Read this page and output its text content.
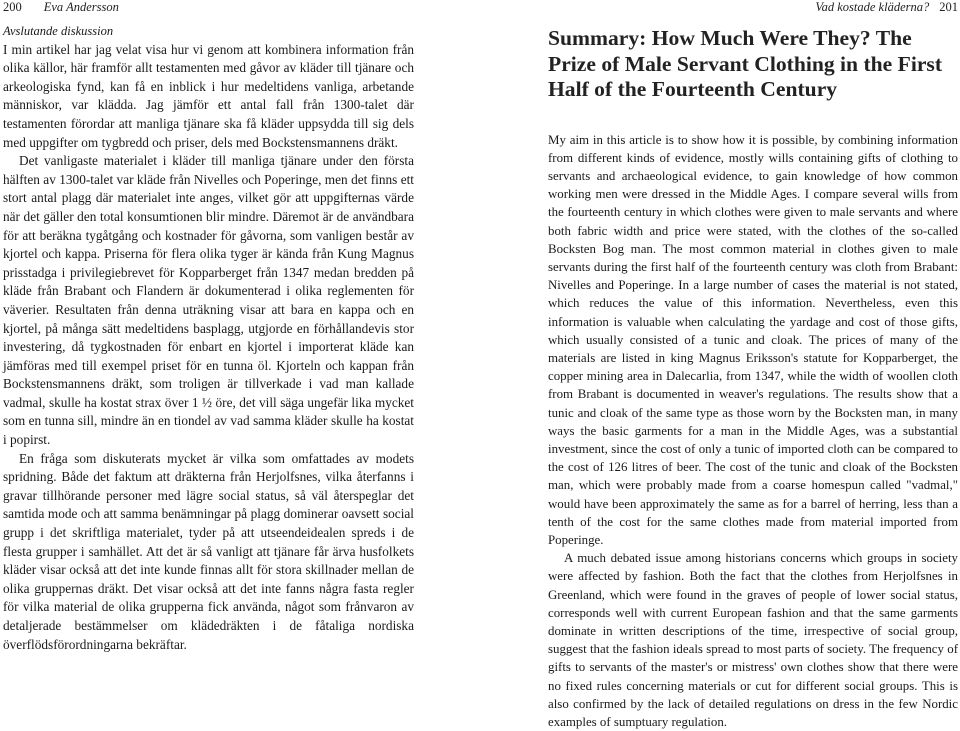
200 Eva Andersson
Avslutande diskussion

I min artikel har jag velat visa hur vi genom att kombinera information från olika källor, här framför allt testamenten med gåvor av kläder till tjänare och arkeologiska fynd, kan få en inblick i hur medeltidens vanliga, arbetande människor, var klädda. Jag jämför ett antal fall från 1300-talet där testamenten förordar att manliga tjänare ska få kläder uppsydda till sig dels med uppgifter om tygbredd och priser, dels med Bockstensmannens dräkt.

Det vanligaste materialet i kläder till manliga tjänare under den första hälften av 1300-talet var kläde från Nivelles och Poperinge, men det finns ett stort antal plagg där materialet inte anges, vilket gör att uppgifternas värde när det gäller den total konsumtionen blir mindre. Däremot är de användbara för att beräkna tygåtgång och kostnader för gåvorna, som vanligen består av kjortel och kappa. Priserna för flera olika tyger är kända från Kung Magnus prisstadga i privilegiebrevet för Kopparberget från 1347 medan bredden på kläde från Brabant och Flandern är dokumenterad i olika reglementen för väverier. Resultaten från denna uträkning visar att bara en kappa och en kjortel, på många sätt medeltidens basplagg, utgjorde en förhållandevis stor investering, då tygkostnaden för enbart en kjortel i importerat kläde kan jämföras med till exempel priset för en tunna öl. Kjorteln och kappan från Bockstensmannens dräkt, som troligen är tillverkade i vad man kallade vadmal, skulle ha kostat strax över 1 ½ öre, det vill säga ungefär lika mycket som en tunna sill, mindre än en tiondel av vad samma kläder skulle ha kostat i popirst.

En fråga som diskuterats mycket är vilka som omfattades av modets spridning. Både det faktum att dräkterna från Herjolfsnes, vilka återfanns i gravar tillhörande personer med lägre social status, så väl återspeglar det samtida mode och att samma benämningar på plagg dominerar oavsett social grupp i det skriftliga materialet, tyder på att utseendeidealen spreds i de flesta grupper i samhället. Att det är så vanligt att tjänare får ärva husfolkets kläder visar också att det inte kunde finnas allt för stora skillnader mellan de olika gruppernas dräkt. Det visar också att det inte fanns några fasta regler för vilka material de olika grupperna fick använda, något som frånvaron av detaljerade bestämmelser om klädedräkten i de fåtaliga nordiska överflödsförordningarna bekräftar.

Vad kostade kläderna? 201
Summary: How Much Were They? The Prize of Male Servant Clothing in the First Half of the Fourteenth Century

My aim in this article is to show how it is possible, by combining information from different kinds of evidence, mostly wills containing gifts of clothing to servants and archaeological evidence, to gain knowledge of how common working men were dressed in the Middle Ages. I compare several wills from the fourteenth century in which clothes were given to male servants and where both fabric width and price were stated, with the clothes of the so-called Bocksten Bog man. The most common material in clothes given to male servants during the first half of the fourteenth century was cloth from Brabant: Nivelles and Poperinge. In a large number of cases the material is not stated, which reduces the value of this information. Nevertheless, even this information is valuable when calculating the yardage and cost of those gifts, which usually consisted of a tunic and cloak. The prices of many of the materials are listed in king Magnus Eriksson's statute for Kopparberget, the copper mining area in Dalecarlia, from 1347, while the width of woollen cloth from Brabant is documented in weaver's regulations. The results show that a tunic and cloak of the same type as those worn by the Bocksten man, in many ways the basic garments for a man in the Middle Ages, was a substantial investment, since the cost of only a tunic of imported cloth can be compared to the cost of 126 litres of beer. The cost of the tunic and cloak of the Bocksten man, which were probably made from a coarse homespun called "vadmal," would have been approximately the same as for a barrel of herring, less than a tenth of the cost for the same clothes made from material imported from Poperinge.

A much debated issue among historians concerns which groups in society were affected by fashion. Both the fact that the clothes from Herjolfsnes in Greenland, which were found in the graves of people of lower social status, corresponds well with current European fashion and that the same garments dominate in written descriptions of the time, irrespective of social group, suggest that the fashion ideals spread to most parts of society. The frequency of gifts to servants of the master's or mistress' own clothes show that there were no fixed rules concerning materials or cut for different social groups. This is also confirmed by the lack of detailed regulations on dress in the few Nordic examples of sumptuary regulation.
